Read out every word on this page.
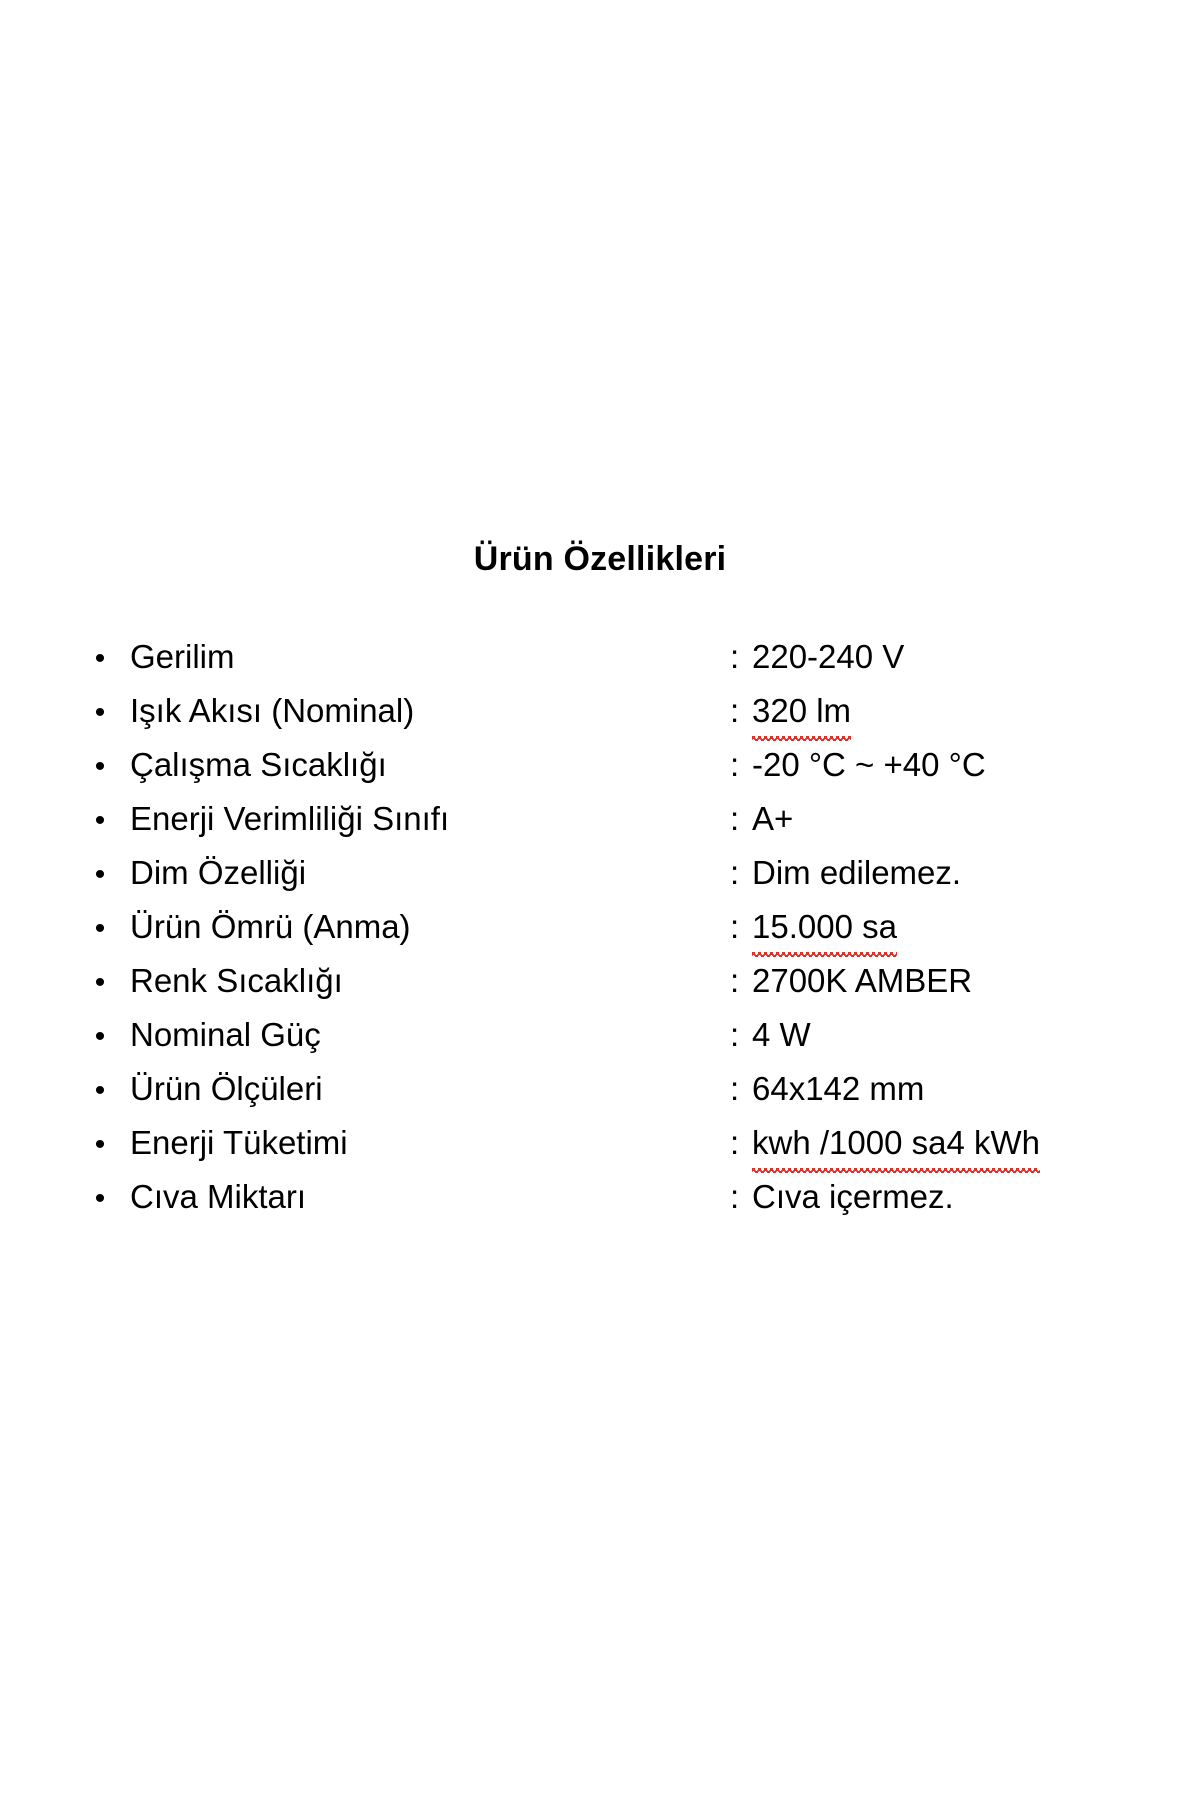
Ürün Özellikleri
• Gerilim	: 220-240 V
• Işık Akısı (Nominal)	: 320 lm
• Çalışma Sıcaklığı	: -20 °C ~ +40 °C
• Enerji Verimliliği Sınıfı	: A+
• Dim Özelliği	: Dim edilemez.
• Ürün Ömrü (Anma)	: 15.000 sa
• Renk Sıcaklığı	: 2700K AMBER
• Nominal Güç	: 4 W
• Ürün Ölçüleri	: 64x142 mm
• Enerji Tüketimi	: kwh /1000 sa4 kWh
• Cıva Miktarı	: Cıva içermez.
